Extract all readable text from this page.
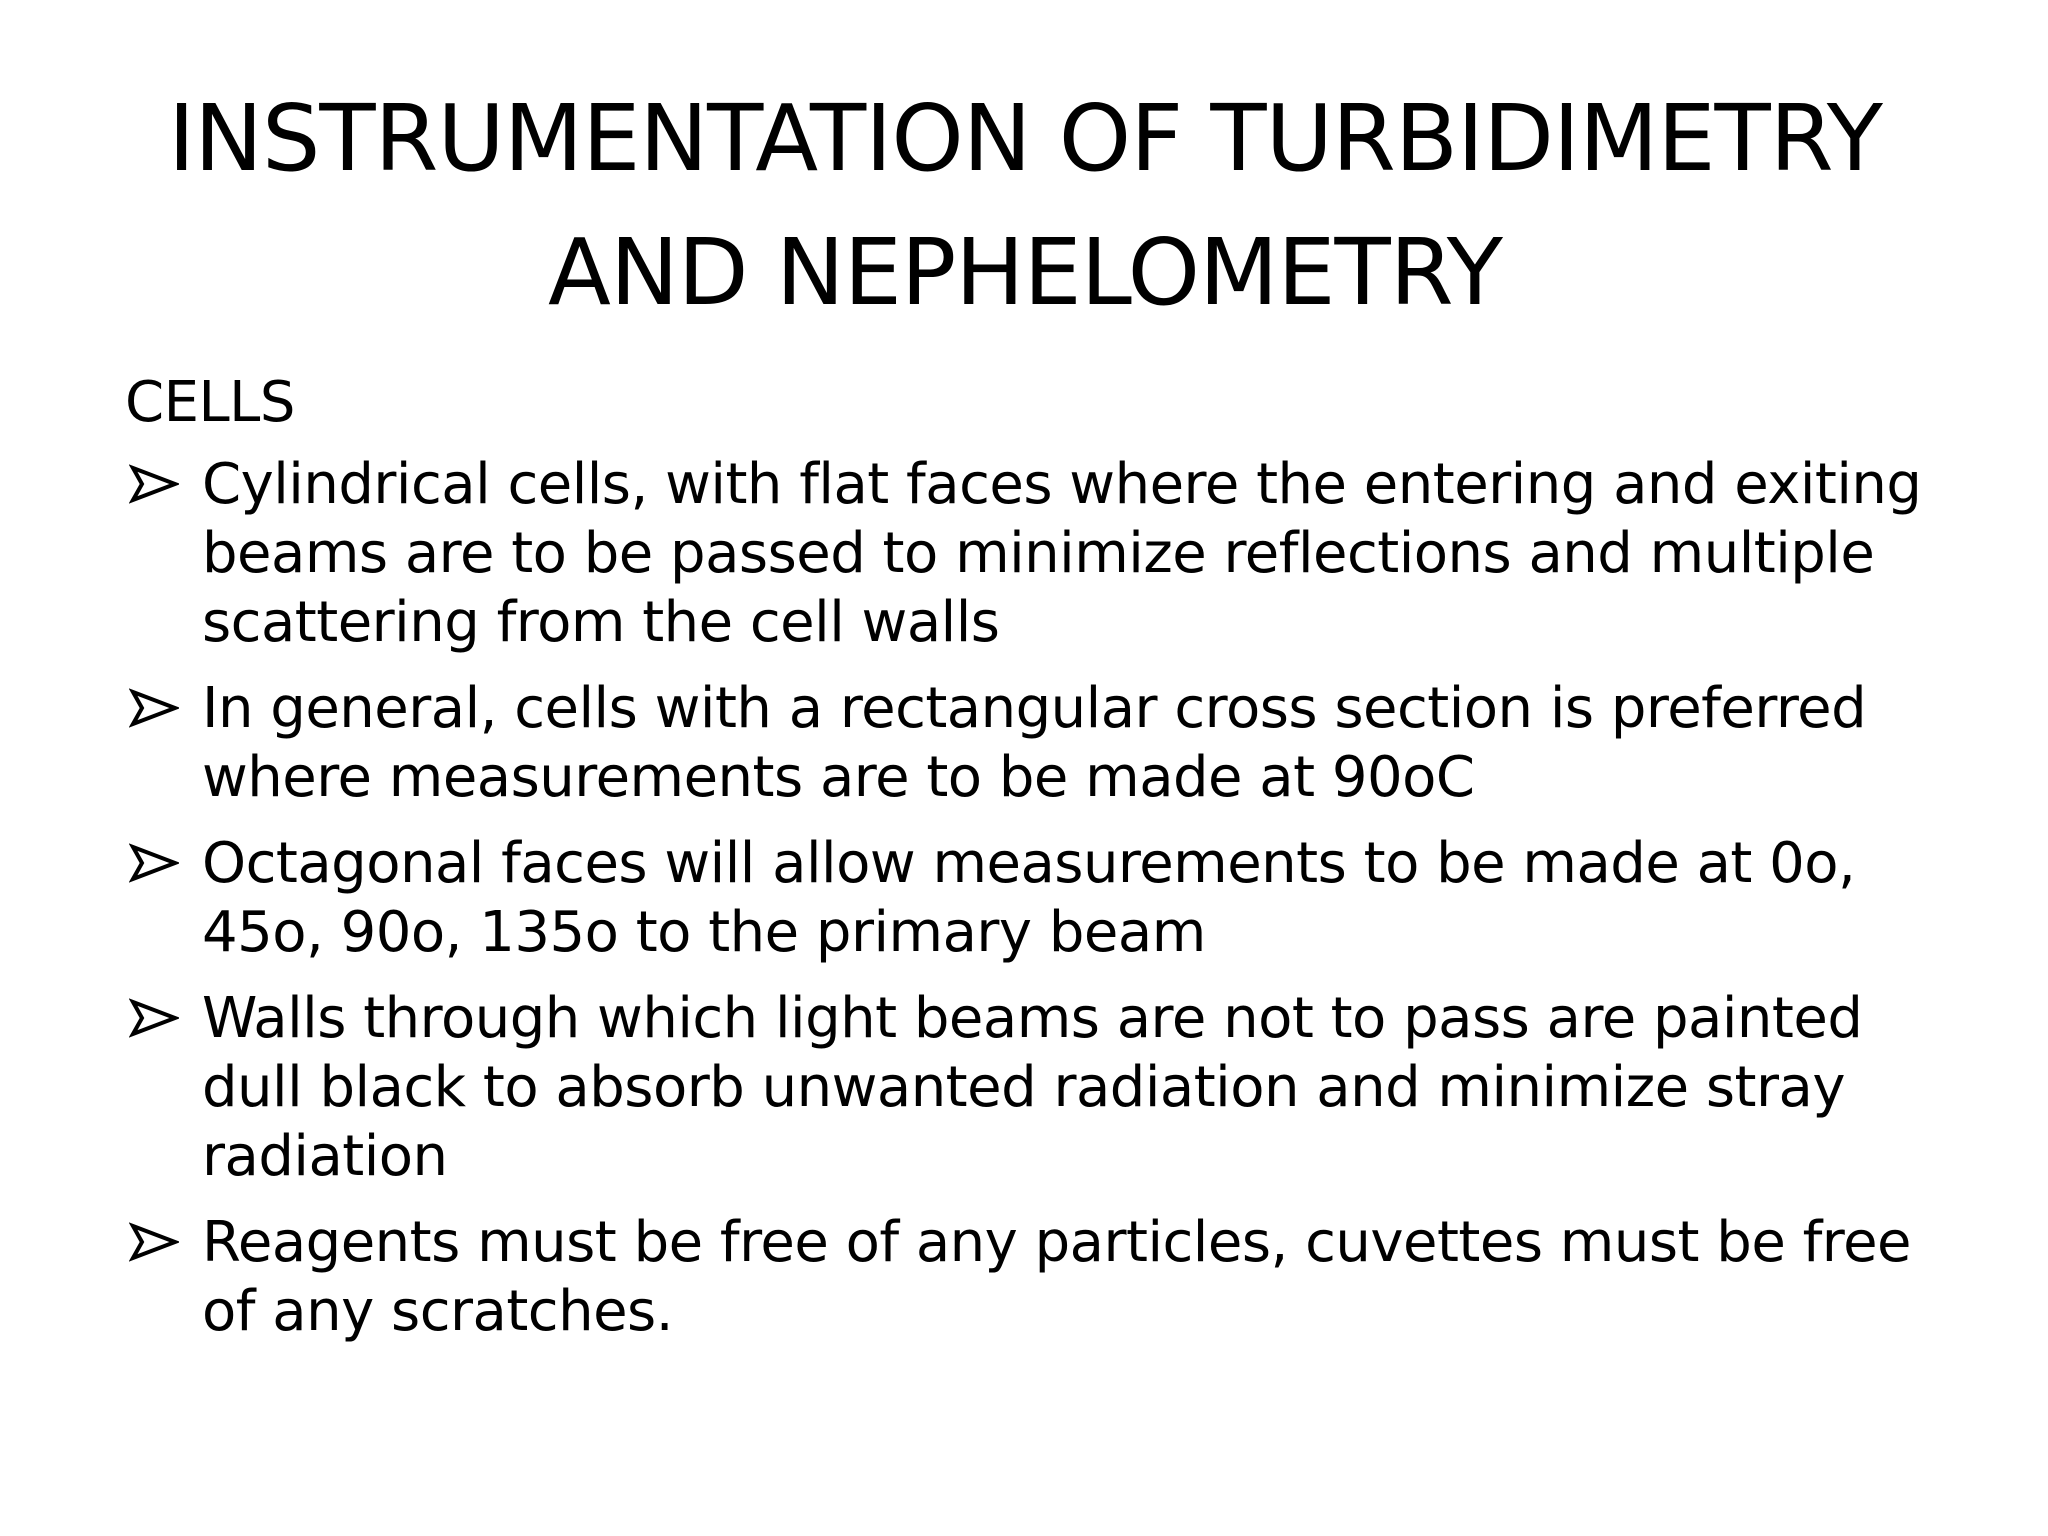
INSTRUMENTATION OF TURBIDIMETRY
AND NEPHELOMETRY
CELLS
Cylindrical cells, with flat faces where the entering and exiting beams are to be passed to minimize reflections and multiple scattering from the cell walls
In general, cells with a rectangular cross section is preferred where measurements are to be made at 90oC
Octagonal faces will allow measurements to be made at 0o, 45o, 90o, 135o to the primary beam
Walls through which light beams are not to pass are painted dull black to absorb unwanted radiation and minimize stray radiation
Reagents must be free of any particles, cuvettes must be free of any scratches.
